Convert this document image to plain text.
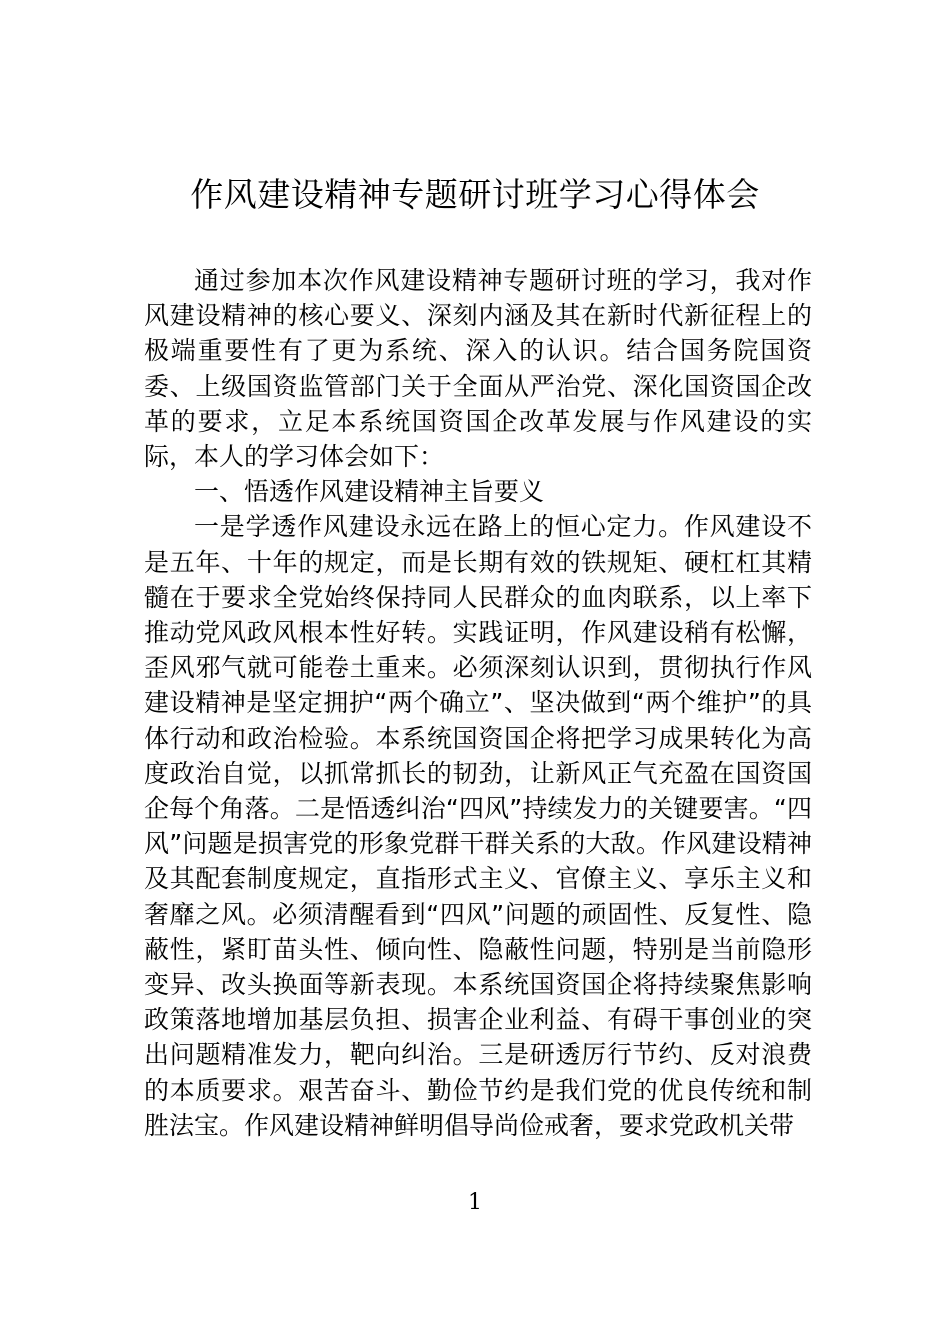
作风建设精神专题研讨班学习心得体会

通过参加本次作风建设精神专题研讨班的学习，我对作风建设精神的核心要义、深刻内涵及其在新时代新征程上的极端重要性有了更为系统、深入的认识。结合国务院国资委、上级国资监管部门关于全面从严治党、深化国资国企改革的要求，立足本系统国资国企改革发展与作风建设的实际，本人的学习体会如下：

一、悟透作风建设精神主旨要义

一是学透作风建设永远在路上的恒心定力。作风建设不是五年、十年的规定，而是长期有效的铁规矩、硬杠杠其精髓在于要求全党始终保持同人民群众的血肉联系，以上率下推动党风政风根本性好转。实践证明，作风建设稍有松懈，歪风邪气就可能卷土重来。必须深刻认识到，贯彻执行作风建设精神是坚定拥护“两个确立”、坚决做到“两个维护”的具体行动和政治检验。本系统国资国企将把学习成果转化为高度政治自觉，以抓常抓长的韧劲，让新风正气充盈在国资国企每个角落。二是悟透纠治“四风”持续发力的关键要害。“四风”问题是损害党的形象党群干群关系的大敌。作风建设精神及其配套制度规定，直指形式主义、官僚主义、享乐主义和奢靡之风。必须清醒看到“四风”问题的顽固性、反复性、隐蔽性，紧盯苗头性、倾向性、隐蔽性问题，特别是当前隐形变异、改头换面等新表现。本系统国资国企将持续聚焦影响政策落地增加基层负担、损害企业利益、有碍干事创业的突出问题精准发力，靶向纠治。三是研透厉行节约、反对浪费的本质要求。艰苦奋斗、勤俭节约是我们党的优良传统和制胜法宝。作风建设精神鲜明倡导尚俭戒奢，要求党政机关带

1
